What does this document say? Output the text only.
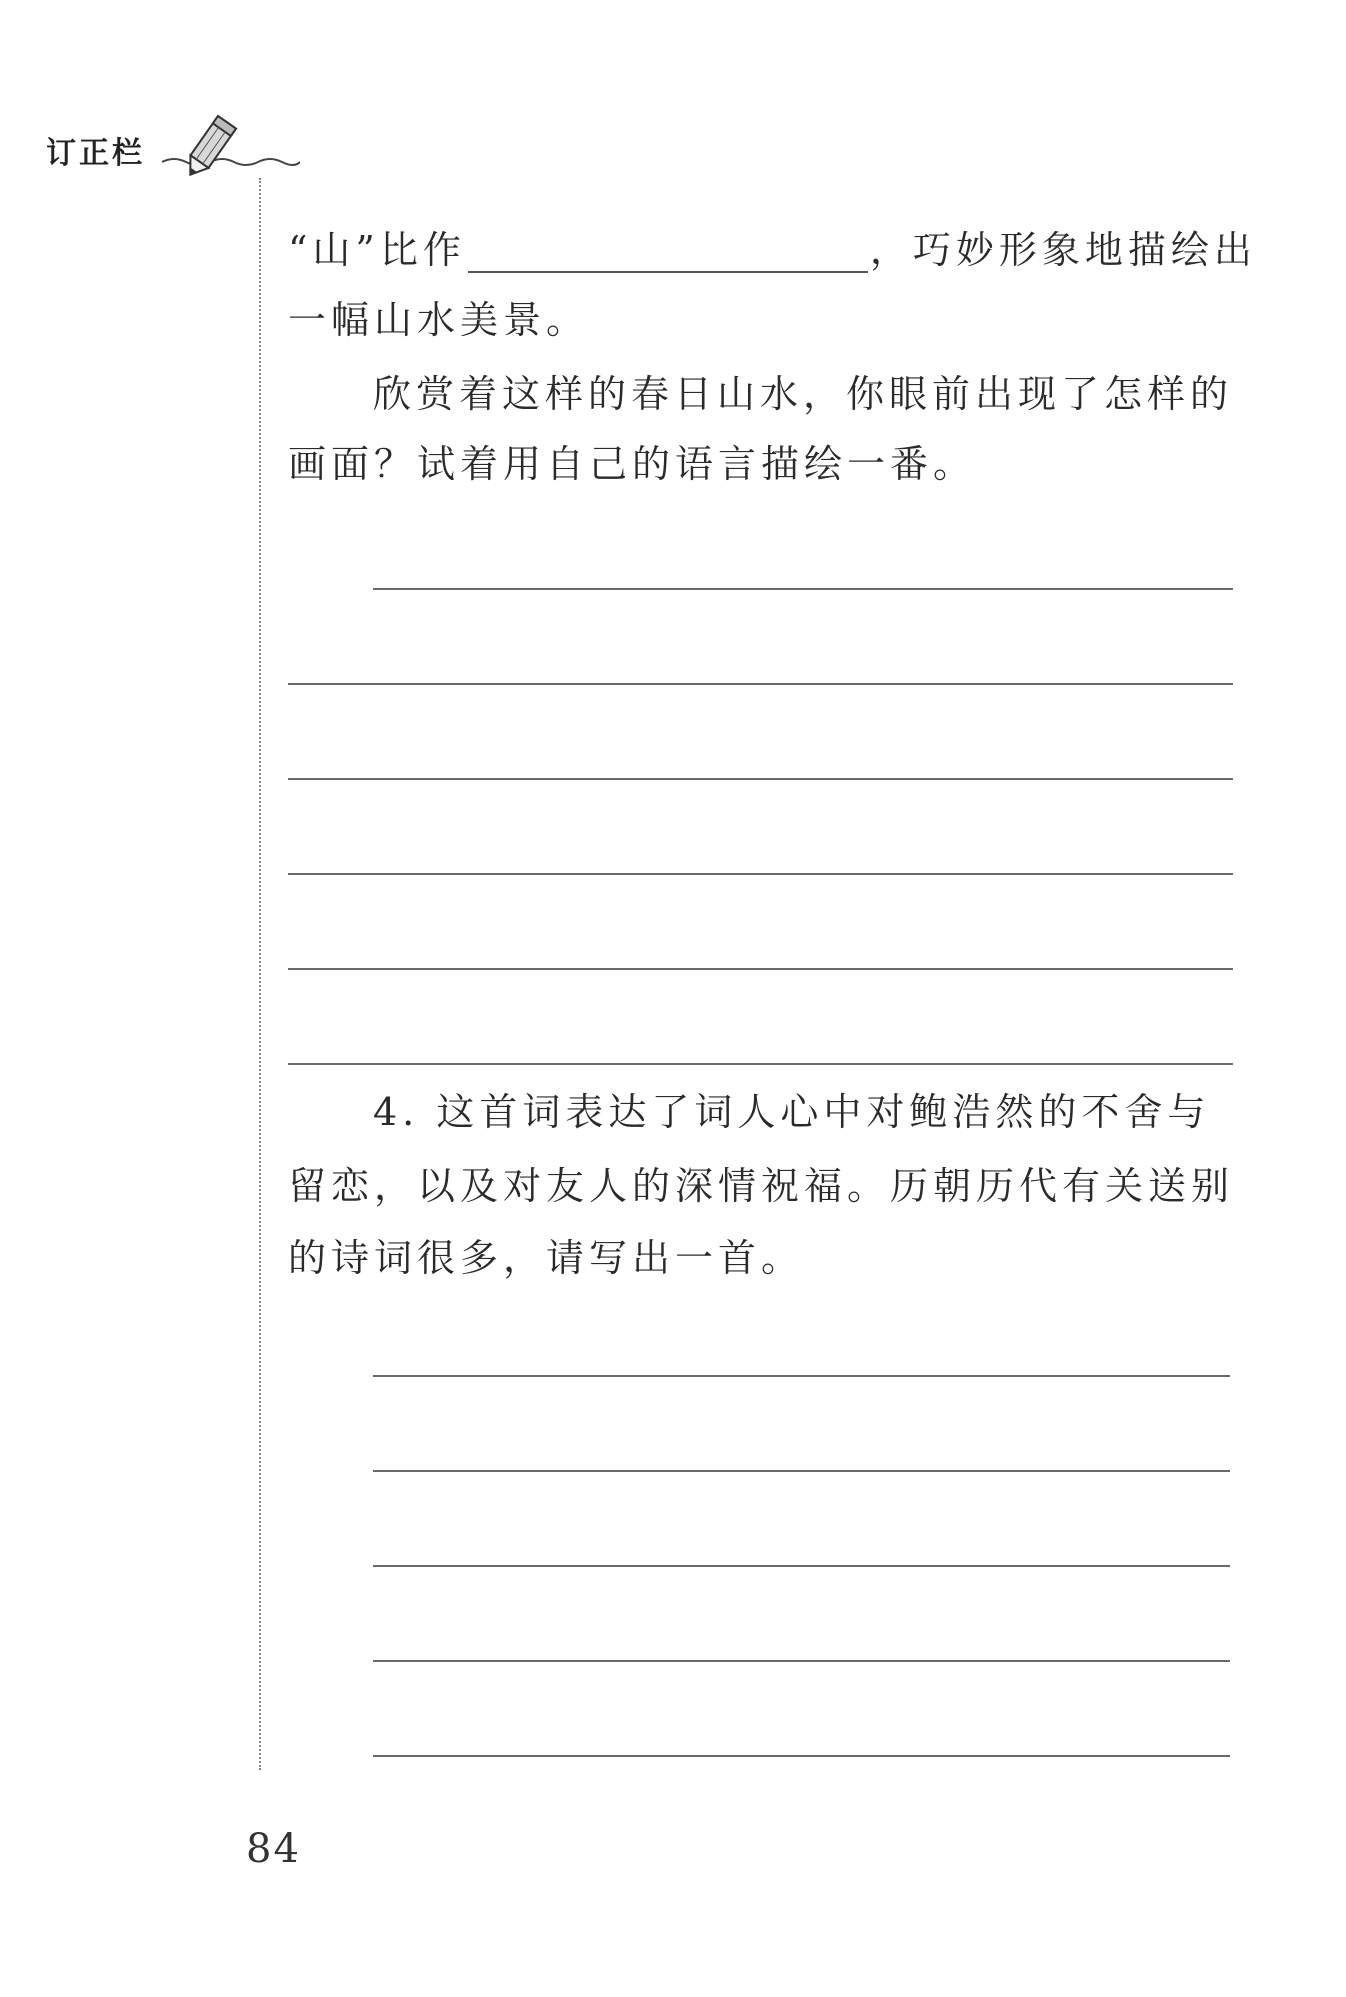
订正栏
“山”比作	，巧妙形象地描绘出
一幅山水美景。
欣赏着这样的春日山水，你眼前出现了怎样的
画面？试着用自己的语言描绘一番。
4. 这首词表达了词人心中对鲍浩然的不舍与
留恋，以及对友人的深情祝福。历朝历代有关送别
的诗词很多，请写出一首。
84
